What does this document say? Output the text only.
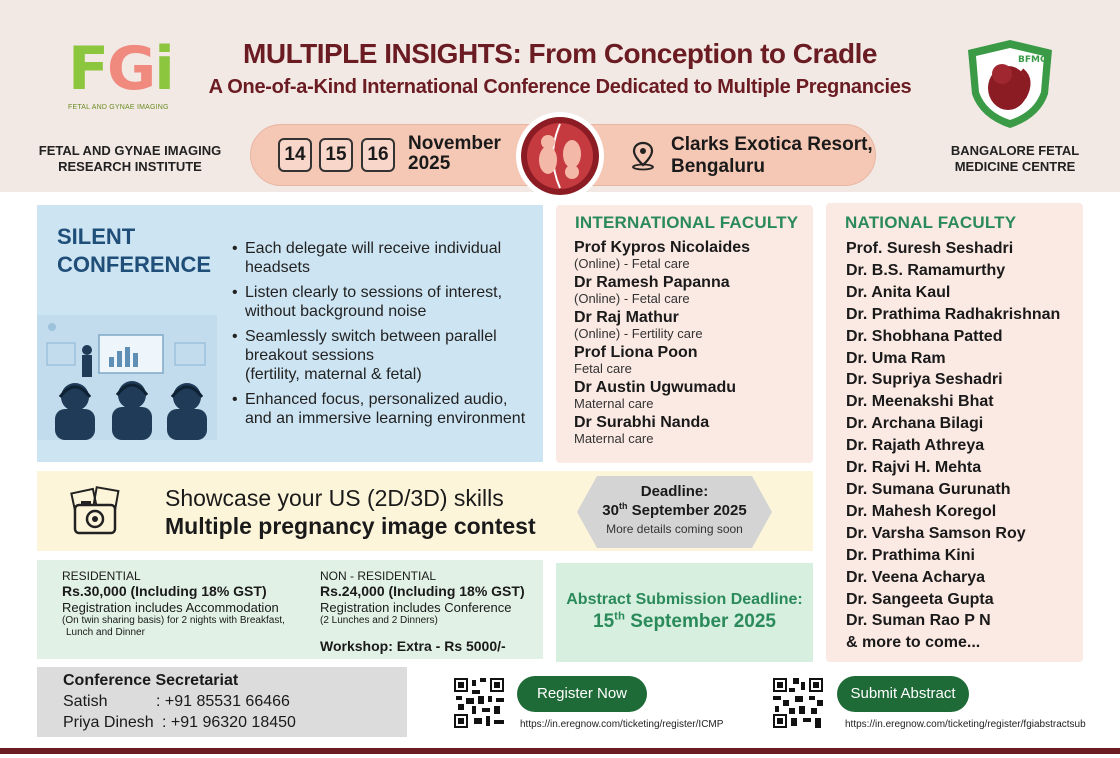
FGi
FETAL AND GYNAE IMAGING
FETAL AND GYNAE IMAGING
RESEARCH INSTITUTE
BFMC
BANGALORE FETAL
MEDICINE CENTRE
MULTIPLE INSIGHTS: From Conception to Cradle
A One-of-a-Kind International Conference Dedicated to Multiple Pregnancies
14	15	16
November
2025
Clarks Exotica Resort,
Bengaluru
SILENT
CONFERENCE
• Each delegate will receive individual headsets
• Listen clearly to sessions of interest, without background noise
• Seamlessly switch between parallel breakout sessions
(fertility, maternal & fetal)
• Enhanced focus, personalized audio, and an immersive learning environment
INTERNATIONAL FACULTY
Prof Kypros Nicolaides
(Online) - Fetal care
Dr Ramesh Papanna
(Online) - Fetal care
Dr Raj Mathur
(Online) - Fertility care
Prof Liona Poon
Fetal care
Dr Austin Ugwumadu
Maternal care
Dr Surabhi Nanda
Maternal care
NATIONAL FACULTY
Prof. Suresh Seshadri
Dr. B.S. Ramamurthy
Dr. Anita Kaul
Dr. Prathima Radhakrishnan
Dr. Shobhana Patted
Dr. Uma Ram
Dr. Supriya Seshadri
Dr. Meenakshi Bhat
Dr. Archana Bilagi
Dr. Rajath Athreya
Dr. Rajvi H. Mehta
Dr. Sumana Gurunath
Dr. Mahesh Koregol
Dr. Varsha Samson Roy
Dr. Prathima Kini
Dr. Veena Acharya
Dr. Sangeeta Gupta
Dr. Suman Rao P N
& more to come...
Showcase your US (2D/3D) skills
Multiple pregnancy image contest
Deadline:
30th September 2025
More details coming soon
RESIDENTIAL
Rs.30,000 (Including 18% GST)
Registration includes Accommodation
(On twin sharing basis) for 2 nights with Breakfast,
Lunch and Dinner
NON - RESIDENTIAL
Rs.24,000 (Including 18% GST)
Registration includes Conference
(2 Lunches and 2 Dinners)
Workshop: Extra - Rs 5000/-
Abstract Submission Deadline:
15th September 2025
Conference Secretariat
Satish	: +91 85531 66466
Priya Dinesh : +91 96320 18450
Register Now
https://in.eregnow.com/ticketing/register/ICMP
Submit Abstract
https://in.eregnow.com/ticketing/register/fgiabstractsub
